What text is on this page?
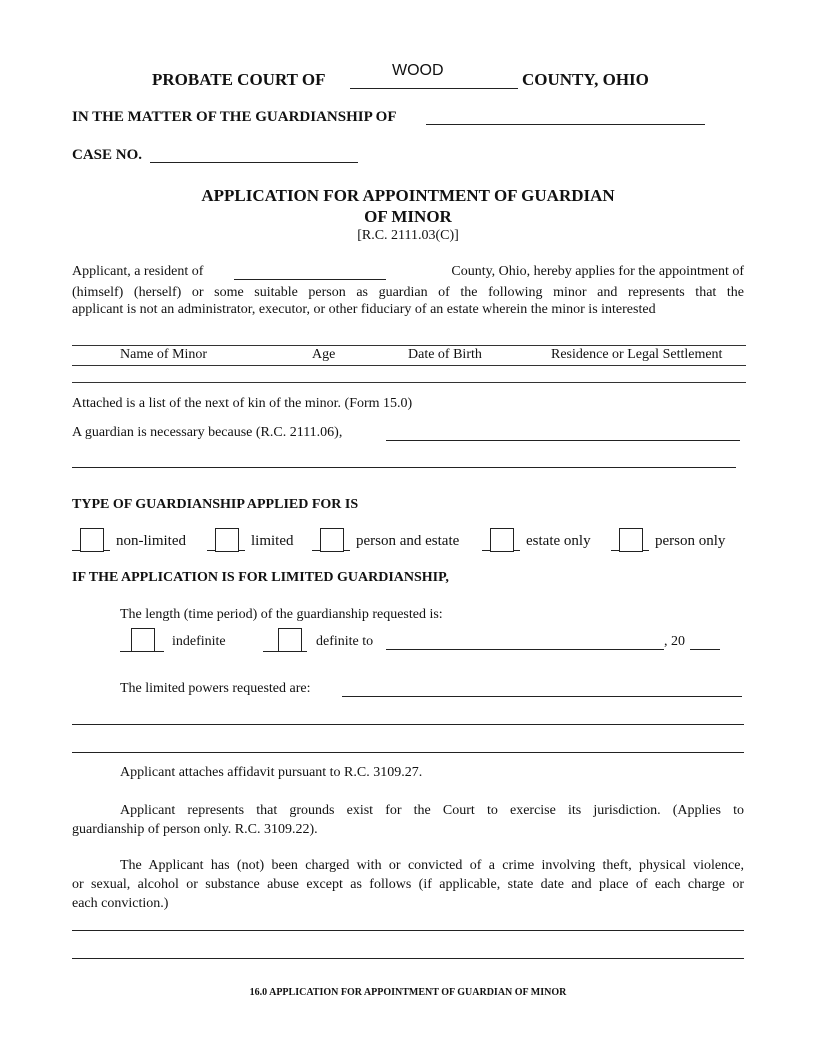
PROBATE COURT OF	WOOD	COUNTY, OHIO
IN THE MATTER OF THE GUARDIANSHIP OF
CASE NO.
APPLICATION FOR APPOINTMENT OF GUARDIAN
OF MINOR
[R.C. 2111.03(C)]
Applicant, a resident of	County, Ohio, hereby applies for the appointment of
(himself) (herself) or some suitable person as guardian of the following minor and represents that the
applicant is not an administrator, executor, or other fiduciary of an estate wherein the minor is interested
Name of Minor	Age	Date of Birth	Residence or Legal Settlement
Attached is a list of the next of kin of the minor. (Form 15.0)
A guardian is necessary because (R.C. 2111.06),
TYPE OF GUARDIANSHIP APPLIED FOR IS
non-limited	limited	person and estate	estate only	person only
IF THE APPLICATION IS FOR LIMITED GUARDIANSHIP,
The length (time period) of the guardianship requested is:
indefinite	definite to	, 20
The limited powers requested are:
Applicant attaches affidavit pursuant to R.C. 3109.27.
Applicant represents that grounds exist for the Court to exercise its jurisdiction. (Applies to
guardianship of person only. R.C. 3109.22).
The Applicant has (not) been charged with or convicted of a crime involving theft, physical violence,
or sexual, alcohol or substance abuse except as follows (if applicable, state date and place of each charge or
each conviction.)
16.0 APPLICATION FOR APPOINTMENT OF GUARDIAN OF MINOR
